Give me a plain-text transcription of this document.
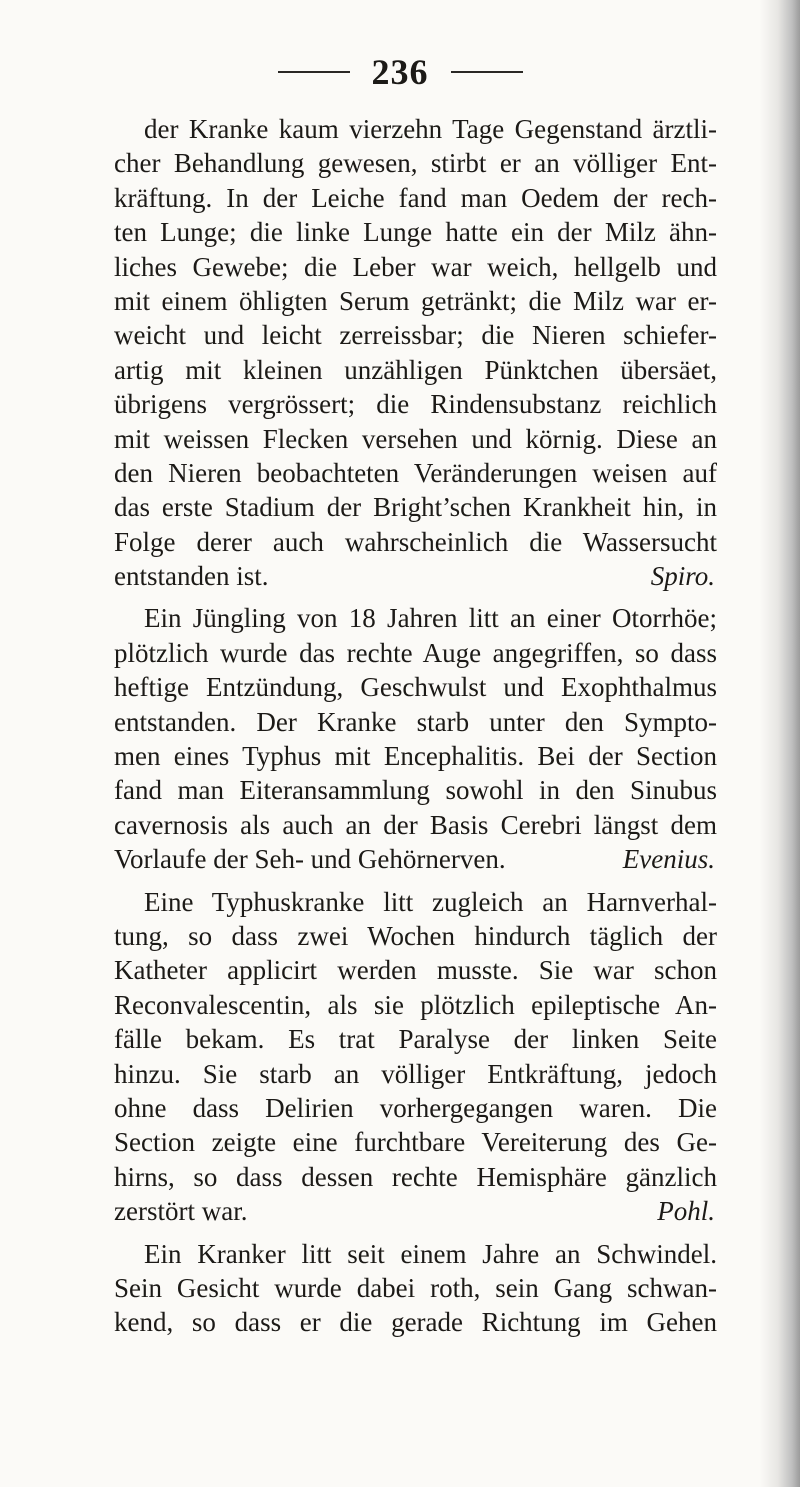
236
der Kranke kaum vierzehn Tage Gegenstand ärztli-
cher Behandlung gewesen, stirbt er an völliger Ent-
kräftung. In der Leiche fand man Oedem der rech-
ten Lunge; die linke Lunge hatte ein der Milz ähn-
liches Gewebe; die Leber war weich, hellgelb und
mit einem öhligten Serum getränkt; die Milz war er-
weicht und leicht zerreissbar; die Nieren schiefer-
artig mit kleinen unzähligen Pünktchen übersäet,
übrigens vergrössert; die Rindensubstanz reichlich
mit weissen Flecken versehen und körnig. Diese an
den Nieren beobachteten Veränderungen weisen auf
das erste Stadium der Bright’schen Krankheit hin, in
Folge derer auch wahrscheinlich die Wassersucht
entstanden ist.	Spiro.
Ein Jüngling von 18 Jahren litt an einer Otorrhöe;
plötzlich wurde das rechte Auge angegriffen, so dass
heftige Entzündung, Geschwulst und Exophthalmus
entstanden. Der Kranke starb unter den Sympto-
men eines Typhus mit Encephalitis. Bei der Section
fand man Eiteransammlung sowohl in den Sinubus
cavernosis als auch an der Basis Cerebri längst dem
Vorlaufe der Seh- und Gehörnerven.	Evenius.
Eine Typhuskranke litt zugleich an Harnverhal-
tung, so dass zwei Wochen hindurch täglich der
Katheter applicirt werden musste. Sie war schon
Reconvalescentin, als sie plötzlich epileptische An-
fälle bekam. Es trat Paralyse der linken Seite
hinzu. Sie starb an völliger Entkräftung, jedoch
ohne dass Delirien vorhergegangen waren. Die
Section zeigte eine furchtbare Vereiterung des Ge-
hirns, so dass dessen rechte Hemisphäre gänzlich
zerstört war.	Pohl.
Ein Kranker litt seit einem Jahre an Schwindel.
Sein Gesicht wurde dabei roth, sein Gang schwan-
kend, so dass er die gerade Richtung im Gehen
